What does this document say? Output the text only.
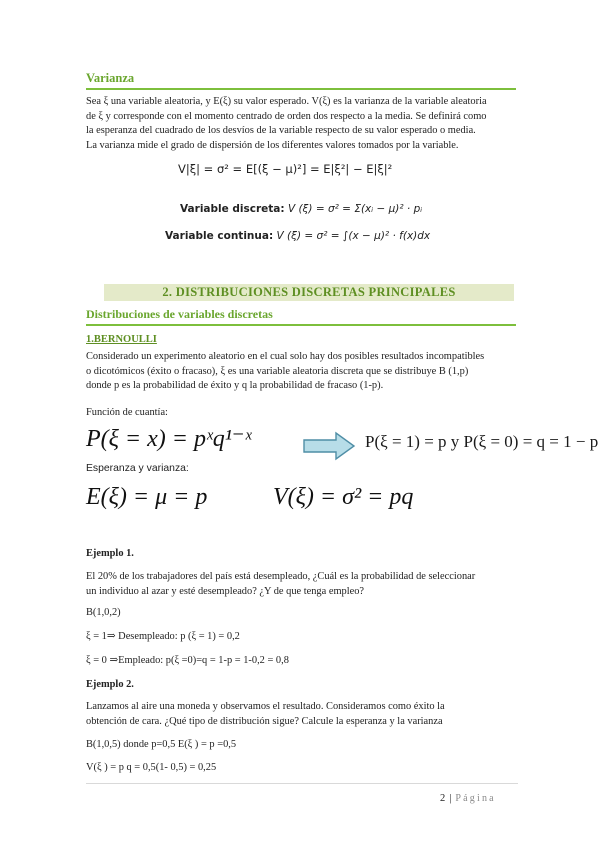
Varianza
Sea ξ una variable aleatoria, y E(ξ) su valor esperado. V(ξ) es la varianza de la variable aleatoria
de ξ y corresponde con el momento centrado de orden dos respecto a la media. Se definirá como
la esperanza del cuadrado de los desvíos de la variable respecto de su valor esperado o media.
La varianza mide el grado de dispersión de los diferentes valores tomados por la variable.
V|ξ| = σ² = E[(ξ − μ)²] = E|ξ²| − E|ξ|²
Variable discreta: V (ξ) = σ² = Σ(xᵢ − μ)² · pᵢ
Variable continua: V (ξ) = σ² = ∫(x − μ)² · f(x)dx
2. DISTRIBUCIONES DISCRETAS PRINCIPALES
Distribuciones de variables discretas
1.BERNOULLI
Considerado un experimento aleatorio en el cual solo hay dos posibles resultados incompatibles
o dicotómicos (éxito o fracaso), ξ es una variable aleatoria discreta que se distribuye B (1,p)
donde p es la probabilidad de éxito y q la probabilidad de fracaso (1-p).
Función de cuantía:
P(ξ = x) = pˣq¹⁻ˣ	P(ξ = 1) = p y P(ξ = 0) = q = 1 − p
Esperanza y varianza:
E(ξ) = μ = p	V(ξ) = σ² = pq
Ejemplo 1.
El 20% de los trabajadores del país está desempleado, ¿Cuál es la probabilidad de seleccionar
un individuo al azar y esté desempleado? ¿Y de que tenga empleo?
B(1,0,2)
ξ = 1⇒ Desempleado: p (ξ = 1) = 0,2
ξ = 0 ⇒Empleado: p(ξ =0)=q = 1-p = 1-0,2 = 0,8
Ejemplo 2.
Lanzamos al aire una moneda y observamos el resultado. Consideramos como éxito la
obtención de cara. ¿Qué tipo de distribución sigue? Calcule la esperanza y la varianza
B(1,0,5) donde p=0,5 E(ξ ) = p =0,5
V(ξ ) = p q = 0,5(1- 0,5) = 0,25
2 | Página
